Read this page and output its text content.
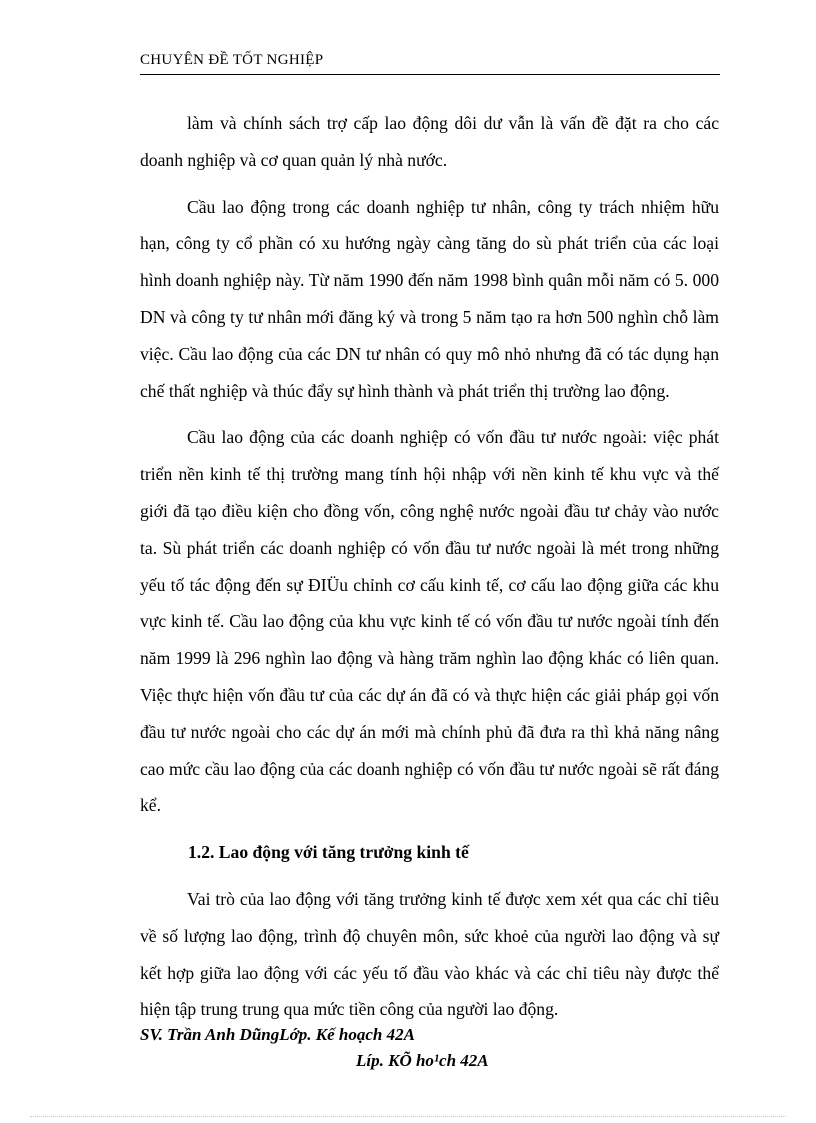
CHUYÊN ĐỀ TỐT NGHIỆP

làm và chính sách trợ cấp lao động dôi dư vẫn là vấn đề đặt ra cho các doanh nghiệp và cơ quan quản lý nhà nước.

Cầu lao động trong các doanh nghiệp tư nhân, công ty trách nhiệm hữu hạn, công ty cổ phần có xu hướng ngày càng tăng do sù phát triển của các loại hình doanh nghiệp này. Từ năm 1990 đến năm 1998 bình quân mỗi năm có 5. 000 DN và công ty tư nhân mới đăng ký và trong 5 năm tạo ra hơn 500 nghìn chỗ làm việc. Cầu lao động của các DN tư nhân có quy mô nhỏ nhưng đã có tác dụng hạn chế thất nghiệp và thúc đẩy sự hình thành và phát triển thị trường lao động.

Cầu lao động của các doanh nghiệp có vốn đầu tư nước ngoài: việc phát triển nền kinh tế thị trường mang tính hội nhập với nền kinh tế khu vực và thế giới đã tạo điều kiện cho đồng vốn, công nghệ nước ngoài đầu tư chảy vào nước ta. Sù phát triển các doanh nghiệp có vốn đầu tư nước ngoài là mét trong những yếu tố tác động đến sự ĐIÜu chỉnh cơ cấu kinh tế, cơ cấu lao động giữa các khu vực kinh tế. Cầu lao động của khu vực kinh tế có vốn đầu tư nước ngoài tính đến năm 1999 là 296 nghìn lao động và hàng trăm nghìn lao động khác có liên quan. Việc thực hiện vốn đầu tư của các dự án đã có và thực hiện các giải pháp gọi vốn đầu tư nước ngoài cho các dự án mới mà chính phủ đã đưa ra thì khả năng nâng cao mức cầu lao động của các doanh nghiệp có vốn đầu tư nước ngoài sẽ rất đáng kể.

1.2. Lao động với tăng trưởng kinh tế

Vai trò của lao động với tăng trưởng kinh tế được xem xét qua các chỉ tiêu về số lượng lao động, trình độ chuyên môn, sức khoẻ của người lao động và sự kết hợp giữa lao động với các yếu tố đầu vào khác và các chỉ tiêu này được thể hiện tập trung trung qua mức tiền công của người lao động.

SV. Trần Anh DũngLớp. Kế hoạch 42A
Líp. KÕ ho¹ch 42A
